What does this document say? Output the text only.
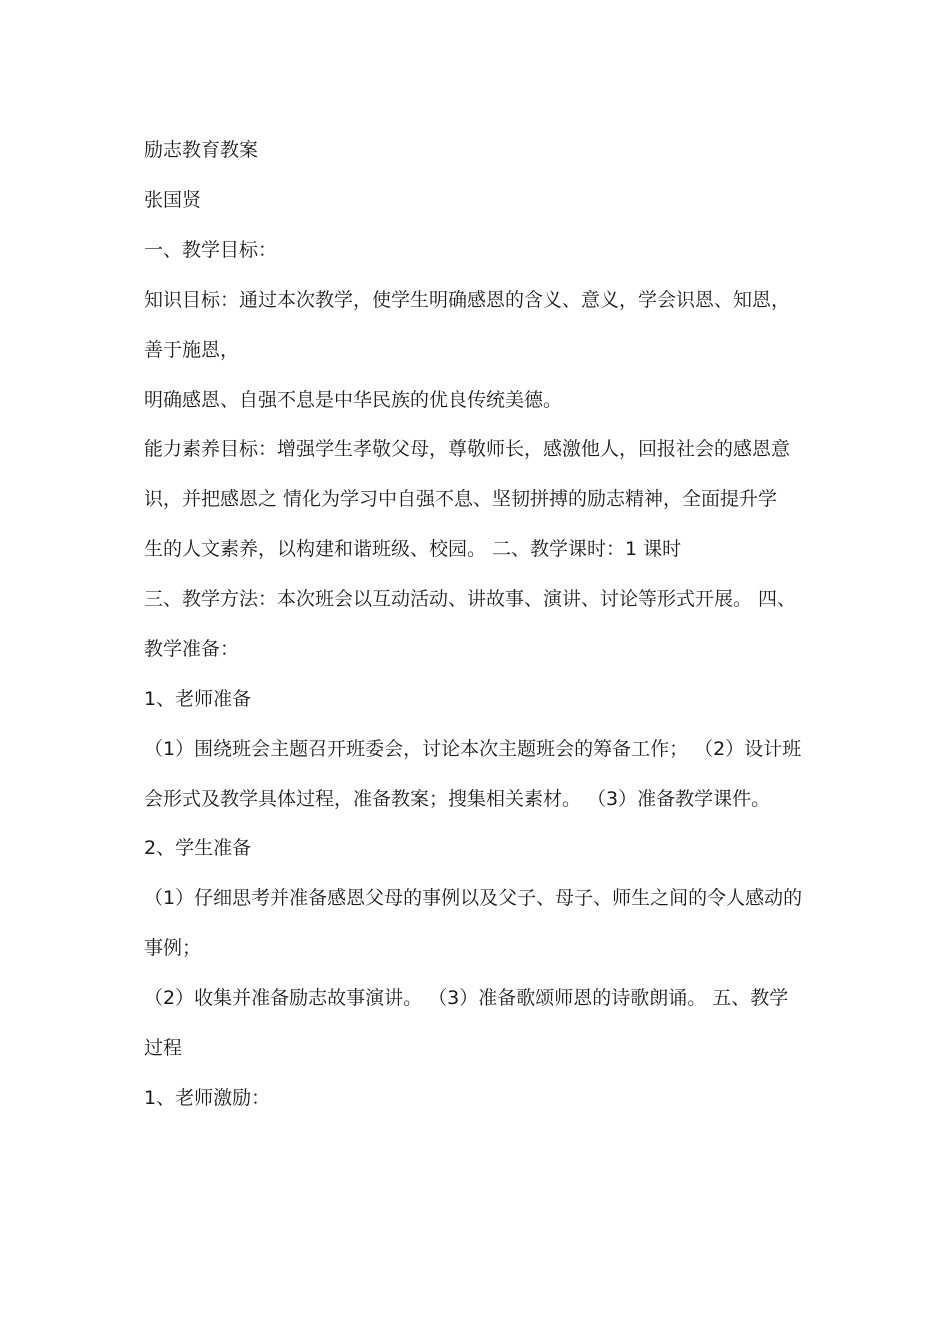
励志教育教案
张国贤
一、教学目标：
知识目标：通过本次教学，使学生明确感恩的含义、意义，学会识恩、知恩，
善于施恩，
明确感恩、自强不息是中华民族的优良传统美德。
能力素养目标：增强学生孝敬父母，尊敬师长，感激他人，回报社会的感恩意
识，并把感恩之 情化为学习中自强不息、坚韧拼搏的励志精神，全面提升学
生的人文素养，以构建和谐班级、校园。 二、教学课时：1 课时
三、教学方法：本次班会以互动活动、讲故事、演讲、讨论等形式开展。 四、
教学准备：
1、老师准备
（1）围绕班会主题召开班委会，讨论本次主题班会的筹备工作； （2）设计班
会形式及教学具体过程，准备教案；搜集相关素材。 （3）准备教学课件。
2、学生准备
（1）仔细思考并准备感恩父母的事例以及父子、母子、师生之间的令人感动的
事例；
（2）收集并准备励志故事演讲。 （3）准备歌颂师恩的诗歌朗诵。 五、教学
过程
1、老师激励：
